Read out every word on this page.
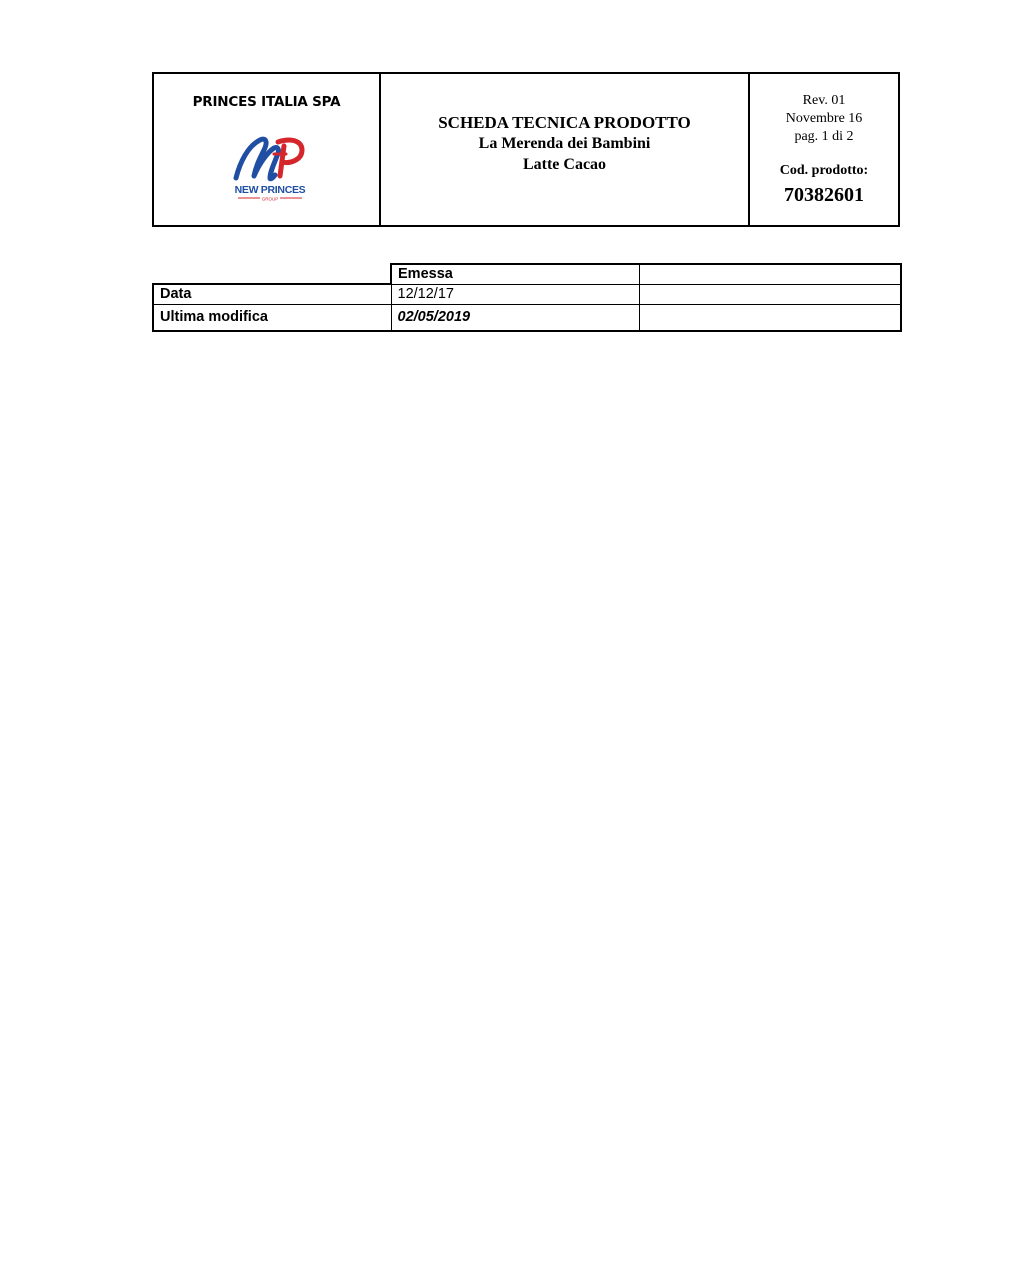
PRINCES ITALIA SPA
NEW PRINCES
GROUP
SCHEDA TECNICA PRODOTTO
La Merenda dei Bambini
Latte Cacao
Rev. 01
Novembre 16
pag. 1 di 2
Cod. prodotto:
70382601
	Emessa	
Data	12/12/17	
Ultima modifica	02/05/2019	
